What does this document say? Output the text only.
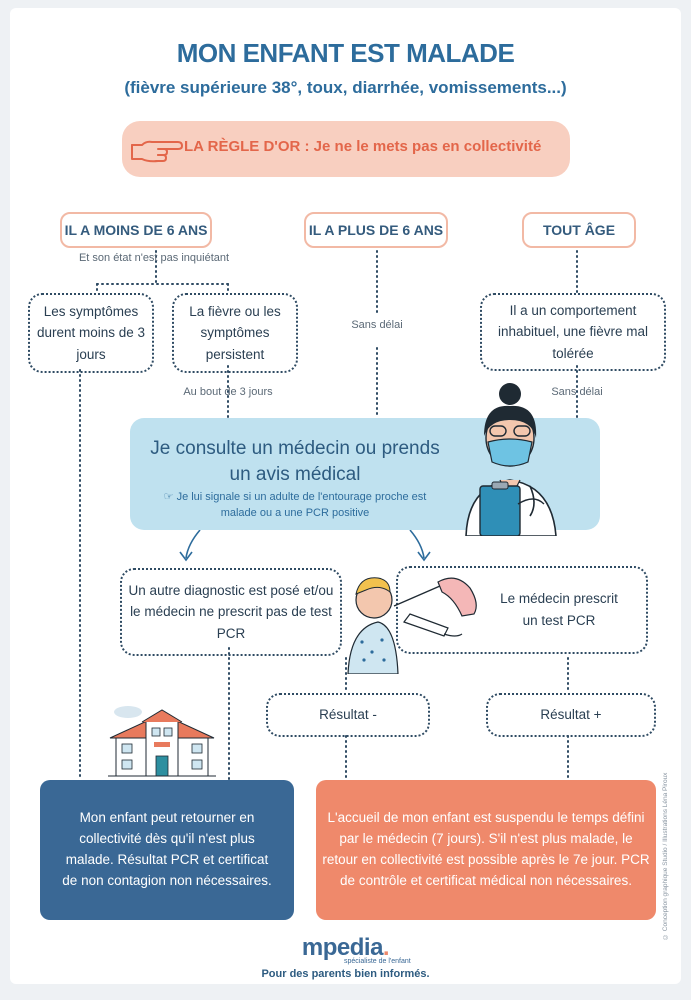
MON ENFANT EST MALADE
(fièvre supérieure 38°, toux, diarrhée, vomissements...)
LA RÈGLE D'OR : Je ne le mets pas en collectivité
IL A MOINS DE 6 ANS
Et son état n'est pas inquiétant
IL A PLUS DE 6 ANS	TOUT ÂGE
Les symptômes durent moins de 3 jours
La fièvre ou les symptômes persistent
Il a un comportement inhabituel, une fièvre mal tolérée
Sans délai
Au bout de 3 jours	Sans délai
Je consulte un médecin ou prends un avis médical
☞ Je lui signale si un adulte de l'entourage proche est malade ou a une PCR positive
Un autre diagnostic est posé et/ou le médecin ne prescrit pas de test PCR
Le médecin prescrit un test PCR
Résultat -	Résultat +
Mon enfant peut retourner en collectivité dès qu'il n'est plus malade. Résultat PCR et certificat de non contagion non nécessaires.
L'accueil de mon enfant est suspendu le temps défini par le médecin (7 jours). S'il n'est plus malade, le retour en collectivité est possible après le 7e jour. PCR de contrôle et certificat médical non nécessaires.	© Conception graphique Studio / Illustrations Léna Piroux
mpedia.
spécialiste de l'enfant
Pour des parents bien informés.
